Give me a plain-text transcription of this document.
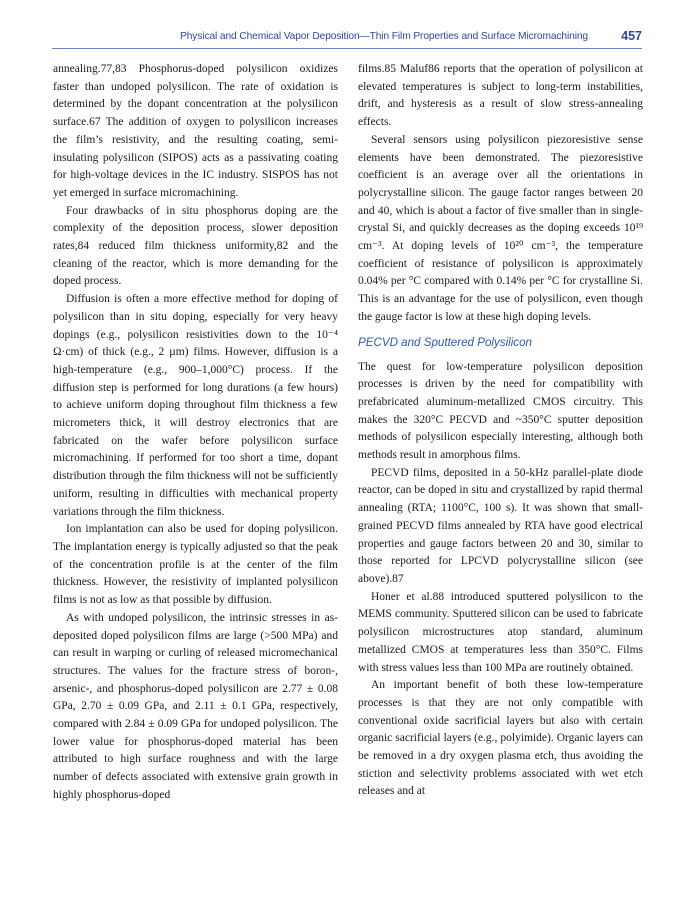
Physical and Chemical Vapor Deposition—Thin Film Properties and Surface Micromachining	457

annealing.77,83 Phosphorus-doped polysilicon oxidizes faster than undoped polysilicon. The rate of oxidation is determined by the dopant concentration at the polysilicon surface.67 The addition of oxygen to polysilicon increases the film’s resistivity, and the resulting coating, semi-insulating polysilicon (SIPOS) acts as a passivating coating for high-voltage devices in the IC industry. SISPOS has not yet emerged in surface micromachining.

Four drawbacks of in situ phosphorus doping are the complexity of the deposition process, slower deposition rates,84 reduced film thickness uniformity,82 and the cleaning of the reactor, which is more demanding for the doped process.

Diffusion is often a more effective method for doping of polysilicon than in situ doping, especially for very heavy dopings (e.g., polysilicon resistivities down to the 10⁻⁴ Ω·cm) of thick (e.g., 2 µm) films. However, diffusion is a high-temperature (e.g., 900–1,000°C) process. If the diffusion step is performed for long durations (a few hours) to achieve uniform doping throughout film thickness a few micrometers thick, it will destroy electronics that are fabricated on the wafer before polysilicon surface micromachining. If performed for too short a time, dopant distribution through the film thickness will not be sufficiently uniform, resulting in difficulties with mechanical property variations through the film thickness.

Ion implantation can also be used for doping polysilicon. The implantation energy is typically adjusted so that the peak of the concentration profile is at the center of the film thickness. However, the resistivity of implanted polysilicon films is not as low as that possible by diffusion.

As with undoped polysilicon, the intrinsic stresses in as-deposited doped polysilicon films are large (>500 MPa) and can result in warping or curling of released micromechanical structures. The values for the fracture stress of boron-, arsenic-, and phosphorus-doped polysilicon are 2.77 ± 0.08 GPa, 2.70 ± 0.09 GPa, and 2.11 ± 0.1 GPa, respectively, compared with 2.84 ± 0.09 GPa for undoped polysilicon. The lower value for phosphorus-doped material has been attributed to high surface roughness and with the large number of defects associated with extensive grain growth in highly phosphorus-doped

films.85 Maluf86 reports that the operation of polysilicon at elevated temperatures is subject to long-term instabilities, drift, and hysteresis as a result of slow stress-annealing effects.

Several sensors using polysilicon piezoresistive sense elements have been demonstrated. The piezoresistive coefficient is an average over all the orientations in polycrystalline silicon. The gauge factor ranges between 20 and 40, which is about a factor of five smaller than in single-crystal Si, and quickly decreases as the doping exceeds 10¹⁹ cm⁻³. At doping levels of 10²⁰ cm⁻³, the temperature coefficient of resistance of polysilicon is approximately 0.04% per °C compared with 0.14% per °C for crystalline Si. This is an advantage for the use of polysilicon, even though the gauge factor is low at these high doping levels.

PECVD and Sputtered Polysilicon

The quest for low-temperature polysilicon deposition processes is driven by the need for compatibility with prefabricated aluminum-metallized CMOS circuitry. This makes the 320°C PECVD and ~350°C sputter deposition methods of polysilicon especially interesting, although both methods result in amorphous films.

PECVD films, deposited in a 50-kHz parallel-plate diode reactor, can be doped in situ and crystallized by rapid thermal annealing (RTA; 1100°C, 100 s). It was shown that small-grained PECVD films annealed by RTA have good electrical properties and gauge factors between 20 and 30, similar to those reported for LPCVD polycrystalline silicon (see above).87

Honer et al.88 introduced sputtered polysilicon to the MEMS community. Sputtered silicon can be used to fabricate polysilicon microstructures atop standard, aluminum metallized CMOS at temperatures less than 350°C. Films with stress values less than 100 MPa are routinely obtained.

An important benefit of both these low-temperature processes is that they are not only compatible with conventional oxide sacrificial layers but also with certain organic sacrificial layers (e.g., polyimide). Organic layers can be removed in a dry oxygen plasma etch, thus avoiding the stiction and selectivity problems associated with wet etch releases and at
